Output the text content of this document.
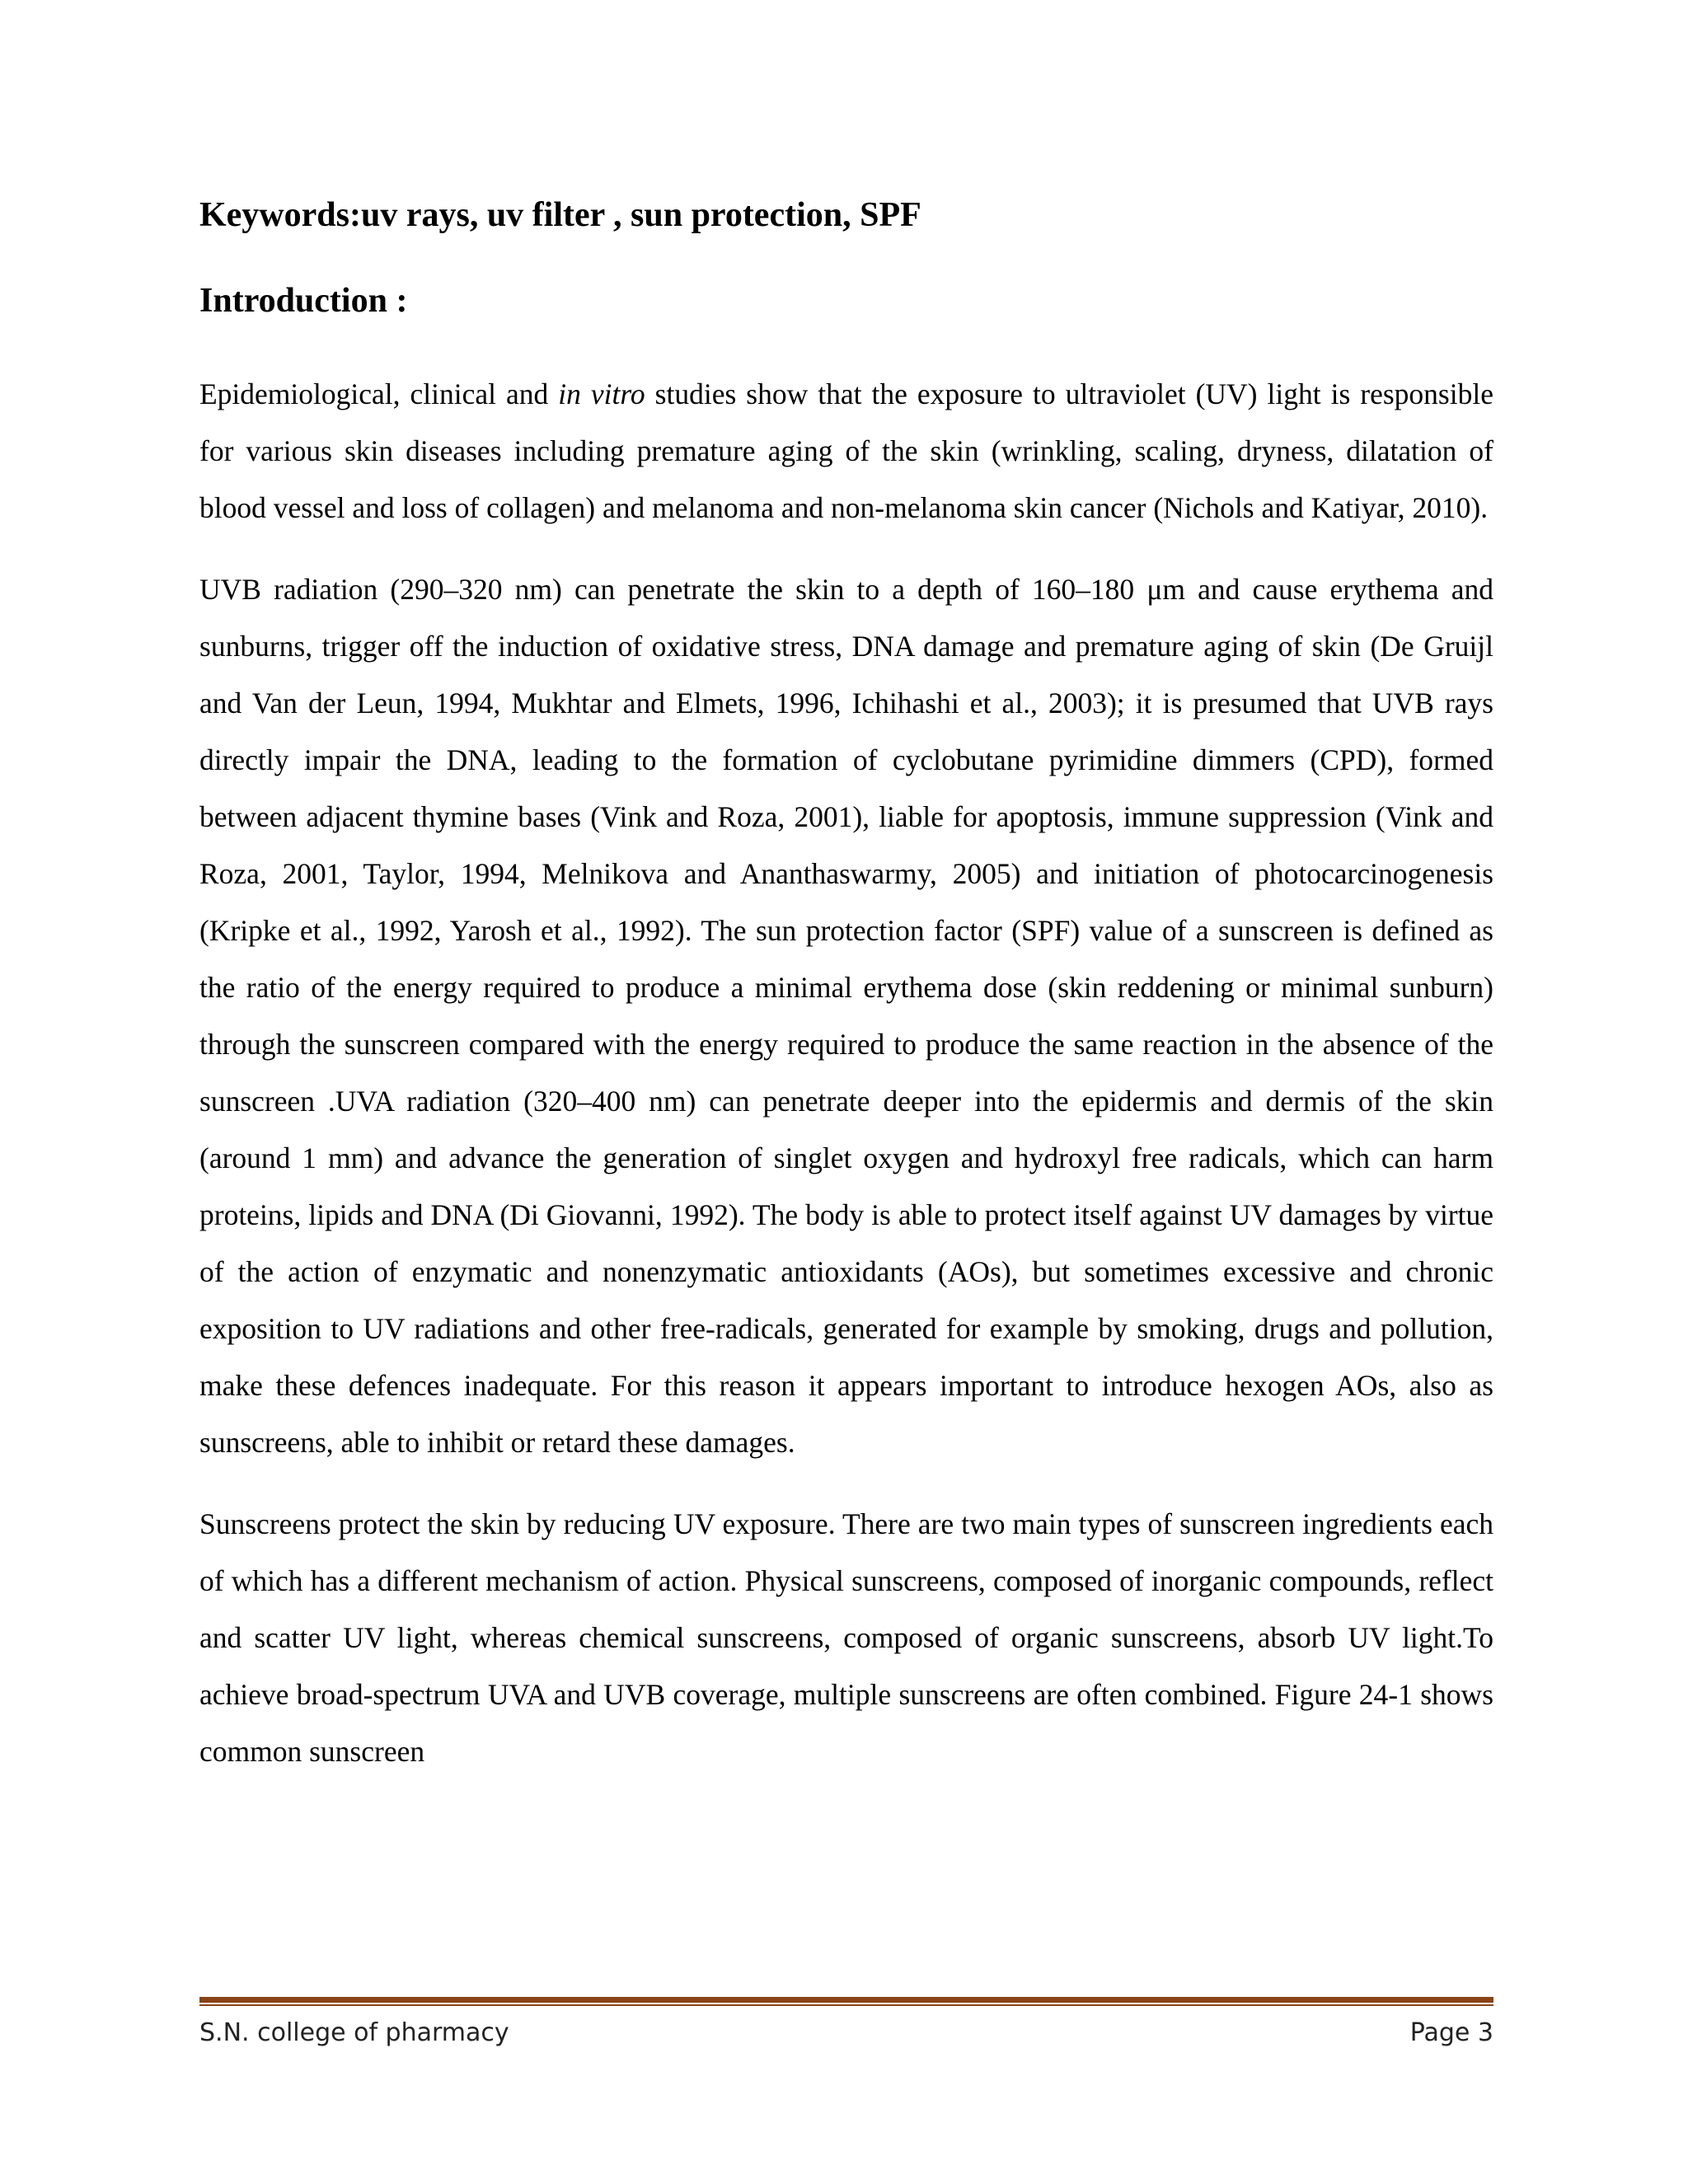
Keywords:uv rays, uv filter , sun protection, SPF
Introduction :

Epidemiological, clinical and in vitro studies show that the exposure to ultraviolet (UV) light is responsible for various skin diseases including premature aging of the skin (wrinkling, scaling, dryness, dilatation of blood vessel and loss of collagen) and melanoma and non-melanoma skin cancer (Nichols and Katiyar, 2010).

UVB radiation (290–320 nm) can penetrate the skin to a depth of 160–180 μm and cause erythema and sunburns, trigger off the induction of oxidative stress, DNA damage and premature aging of skin (De Gruijl and Van der Leun, 1994, Mukhtar and Elmets, 1996, Ichihashi et al., 2003); it is presumed that UVB rays directly impair the DNA, leading to the formation of cyclobutane pyrimidine dimmers (CPD), formed between adjacent thymine bases (Vink and Roza, 2001), liable for apoptosis, immune suppression (Vink and Roza, 2001, Taylor, 1994, Melnikova and Ananthaswarmy, 2005) and initiation of photocarcinogenesis (Kripke et al., 1992, Yarosh et al., 1992). The sun protection factor (SPF) value of a sunscreen is defined as the ratio of the energy required to produce a minimal erythema dose (skin reddening or minimal sunburn) through the sunscreen compared with the energy required to produce the same reaction in the absence of the sunscreen .UVA radiation (320–400 nm) can penetrate deeper into the epidermis and dermis of the skin (around 1 mm) and advance the generation of singlet oxygen and hydroxyl free radicals, which can harm proteins, lipids and DNA (Di Giovanni, 1992). The body is able to protect itself against UV damages by virtue of the action of enzymatic and nonenzymatic antioxidants (AOs), but sometimes excessive and chronic exposition to UV radiations and other free-radicals, generated for example by smoking, drugs and pollution, make these defences inadequate. For this reason it appears important to introduce hexogen AOs, also as sunscreens, able to inhibit or retard these damages.

Sunscreens protect the skin by reducing UV exposure. There are two main types of sunscreen ingredients each of which has a different mechanism of action. Physical sunscreens, composed of inorganic compounds, reflect and scatter UV light, whereas chemical sunscreens, composed of organic sunscreens, absorb UV light.To achieve broad-spectrum UVA and UVB coverage, multiple sunscreens are often combined. Figure 24-1 shows common sunscreen

S.N. college of pharmacy	Page 3
